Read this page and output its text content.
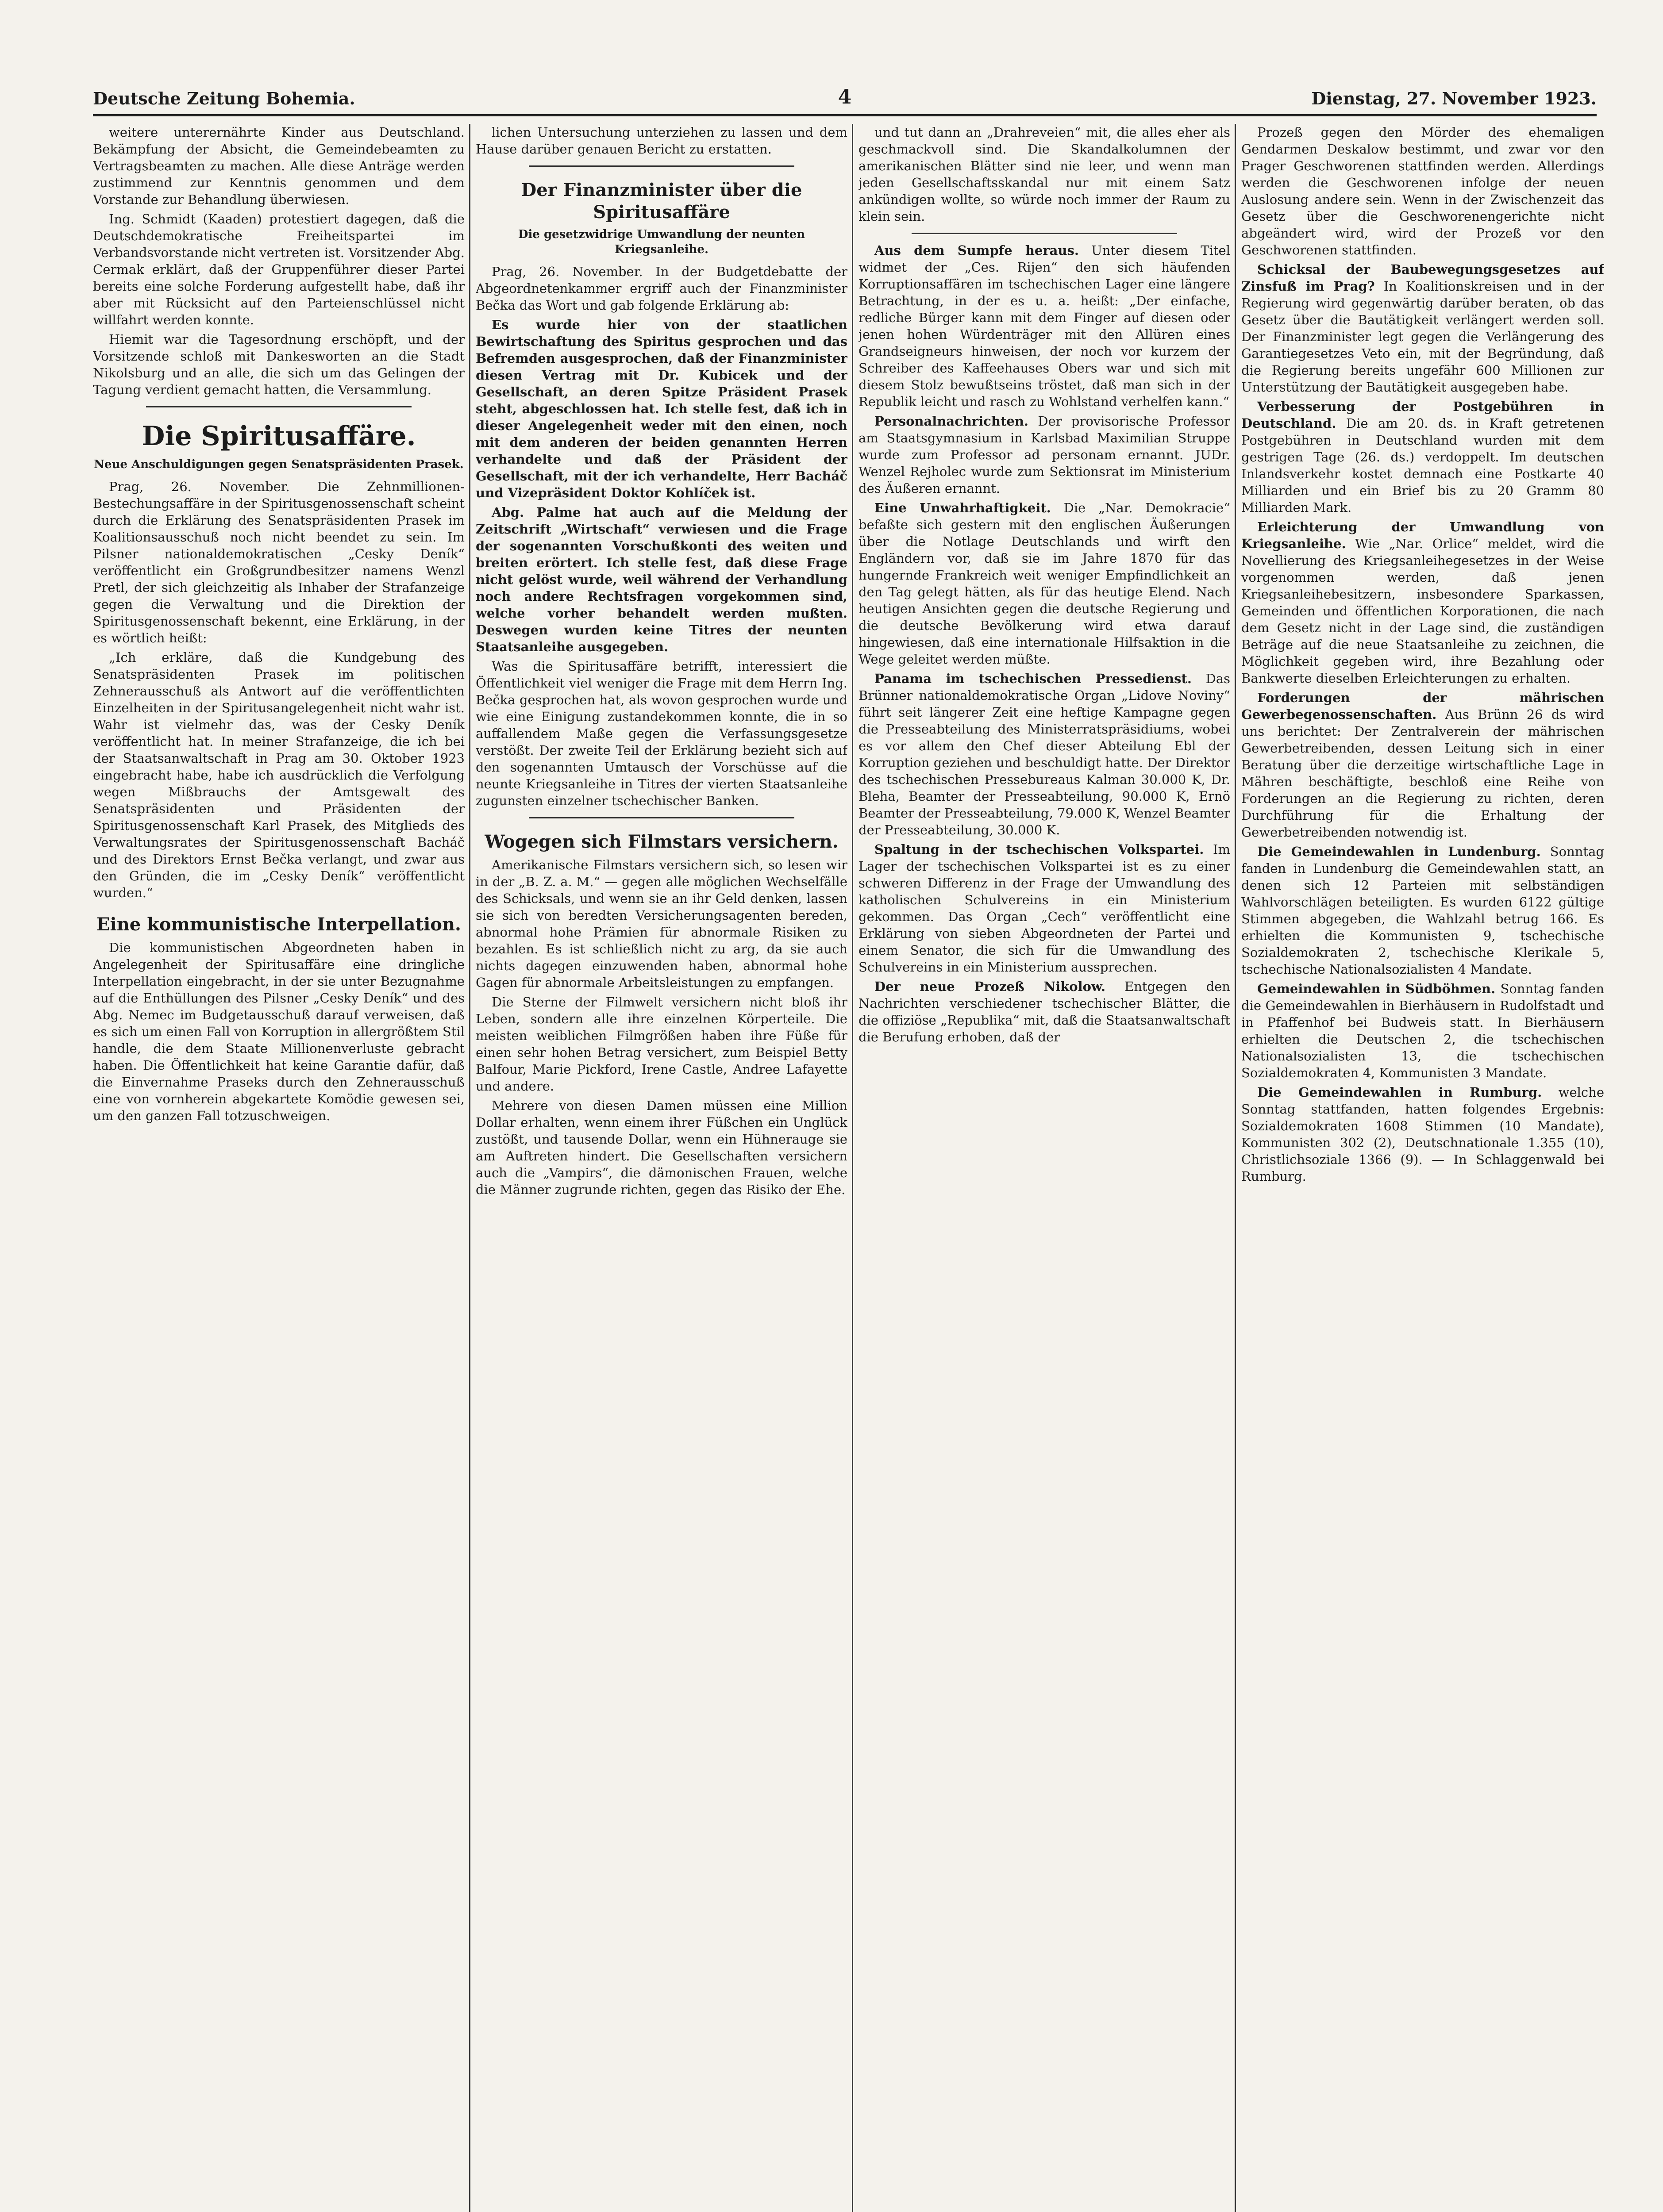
Deutsche Zeitung Bohemia.	4	Dienstag, 27. November 1923.

weitere unterernährte Kinder aus Deutschland. Bekämpfung der Absicht, die Gemeindebeamten zu Vertragsbeamten zu machen. Alle diese Anträge werden zustimmend zur Kenntnis genommen und dem Vorstande zur Behandlung überwiesen.

Ing. Schmidt (Kaaden) protestiert dagegen, daß die Deutschdemokratische Freiheitspartei im Verbandsvorstande nicht vertreten ist. Vorsitzender Abg. Cermak erklärt, daß der Gruppenführer dieser Partei bereits eine solche Forderung aufgestellt habe, daß ihr aber mit Rücksicht auf den Parteienschlüssel nicht willfahrt werden konnte.

Hiemit war die Tagesordnung erschöpft, und der Vorsitzende schloß mit Dankesworten an die Stadt Nikolsburg und an alle, die sich um das Gelingen der Tagung verdient gemacht hatten, die Versammlung.

Die Spiritusaffäre.

Neue Anschuldigungen gegen Senatspräsidenten Prasek.

Prag, 26. November. Die Zehnmillionen-Bestechungsaffäre in der Spiritusgenossenschaft scheint durch die Erklärung des Senatspräsidenten Prasek im Koalitionsausschuß noch nicht beendet zu sein. Im Pilsner nationaldemokratischen „Cesky Deník“ veröffentlicht ein Großgrundbesitzer namens Wenzl Pretl, der sich gleichzeitig als Inhaber der Strafanzeige gegen die Verwaltung und die Direktion der Spiritusgenossenschaft bekennt, eine Erklärung, in der es wörtlich heißt:

„Ich erkläre, daß die Kundgebung des Senatspräsidenten Prasek im politischen Zehnerausschuß als Antwort auf die veröffentlichten Einzelheiten in der Spiritusangelegenheit nicht wahr ist. Wahr ist vielmehr das, was der Cesky Deník veröffentlicht hat. In meiner Strafanzeige, die ich bei der Staatsanwaltschaft in Prag am 30. Oktober 1923 eingebracht habe, habe ich ausdrücklich die Verfolgung wegen Mißbrauchs der Amtsgewalt des Senatspräsidenten und Präsidenten der Spiritusgenossenschaft Karl Prasek, des Mitglieds des Verwaltungsrates der Spiritusgenossenschaft Bacháč und des Direktors Ernst Bečka verlangt, und zwar aus den Gründen, die im „Cesky Deník“ veröffentlicht wurden.“

Eine kommunistische Interpellation.

Die kommunistischen Abgeordneten haben in Angelegenheit der Spiritusaffäre eine dringliche Interpellation eingebracht, in der sie unter Bezugnahme auf die Enthüllungen des Pilsner „Cesky Deník“ und des Abg. Nemec im Budgetausschuß darauf verweisen, daß es sich um einen Fall von Korruption in allergrößtem Stil handle, die dem Staate Millionenverluste gebracht haben. Die Öffentlichkeit hat keine Garantie dafür, daß die Einvernahme Praseks durch den Zehnerausschuß eine von vornherein abgekartete Komödie gewesen sei, um den ganzen Fall totzuschweigen.

lichen Untersuchung unterziehen zu lassen und dem Hause darüber genauen Bericht zu erstatten.

Der Finanzminister über die Spiritusaffäre

Die gesetzwidrige Umwandlung der neunten Kriegsanleihe.

Prag, 26. November. In der Budgetdebatte der Abgeordnetenkammer ergriff auch der Finanzminister Bečka das Wort und gab folgende Erklärung ab:

Es wurde hier von der staatlichen Bewirtschaftung des Spiritus gesprochen und das Befremden ausgesprochen, daß der Finanzminister diesen Vertrag mit Dr. Kubicek und der Gesellschaft, an deren Spitze Präsident Prasek steht, abgeschlossen hat. Ich stelle fest, daß ich in dieser Angelegenheit weder mit den einen, noch mit dem anderen der beiden genannten Herren verhandelte und daß der Präsident der Gesellschaft, mit der ich verhandelte, Herr Bacháč und Vizepräsident Doktor Kohlíček ist.

Abg. Palme hat auch auf die Meldung der Zeitschrift „Wirtschaft“ verwiesen und die Frage der sogenannten Vorschußkonti des weiten und breiten erörtert. Ich stelle fest, daß diese Frage nicht gelöst wurde, weil während der Verhandlung noch andere Rechtsfragen vorgekommen sind, welche vorher behandelt werden mußten. Deswegen wurden keine Titres der neunten Staatsanleihe ausgegeben.

Was die Spiritusaffäre betrifft, interessiert die Öffentlichkeit viel weniger die Frage mit dem Herrn Ing. Bečka gesprochen hat, als wovon gesprochen wurde und wie eine Einigung zustandekommen konnte, die in so auffallendem Maße gegen die Verfassungsgesetze verstößt. Der zweite Teil der Erklärung bezieht sich auf den sogenannten Umtausch der Vorschüsse auf die neunte Kriegsanleihe in Titres der vierten Staatsanleihe zugunsten einzelner tschechischer Banken.

Wogegen sich Filmstars versichern.

Amerikanische Filmstars versichern sich, so lesen wir in der „B. Z. a. M.“ — gegen alle möglichen Wechselfälle des Schicksals, und wenn sie an ihr Geld denken, lassen sie sich von beredten Versicherungsagenten bereden, abnormal hohe Prämien für abnormale Risiken zu bezahlen. Es ist schließlich nicht zu arg, da sie auch nichts dagegen einzuwenden haben, abnormal hohe Gagen für abnormale Arbeitsleistungen zu empfangen.

Die Sterne der Filmwelt versichern nicht bloß ihr Leben, sondern alle ihre einzelnen Körperteile. Die meisten weiblichen Filmgrößen haben ihre Füße für einen sehr hohen Betrag versichert, zum Beispiel Betty Balfour, Marie Pickford, Irene Castle, Andree Lafayette und andere.

Mehrere von diesen Damen müssen eine Million Dollar erhalten, wenn einem ihrer Füßchen ein Unglück zustößt, und tausende Dollar, wenn ein Hühnerauge sie am Auftreten hindert. Die Gesellschaften versichern auch die „Vampirs“, die dämonischen Frauen, welche die Männer zugrunde richten, gegen das Risiko der Ehe.

und tut dann an „Drahreveien“ mit, die alles eher als geschmackvoll sind. Die Skandalkolumnen der amerikanischen Blätter sind nie leer, und wenn man jeden Gesellschaftsskandal nur mit einem Satz ankündigen wollte, so würde noch immer der Raum zu klein sein.

Aus dem Sumpfe heraus. Unter diesem Titel widmet der „Ces. Rijen“ den sich häufenden Korruptionsaffären im tschechischen Lager eine längere Betrachtung, in der es u. a. heißt: „Der einfache, redliche Bürger kann mit dem Finger auf diesen oder jenen hohen Würdenträger mit den Allüren eines Grandseigneurs hinweisen, der noch vor kurzem der Schreiber des Kaffeehauses Obers war und sich mit diesem Stolz bewußtseins tröstet, daß man sich in der Republik leicht und rasch zu Wohlstand verhelfen kann.“

Personalnachrichten. Der provisorische Professor am Staatsgymnasium in Karlsbad Maximilian Struppe wurde zum Professor ad personam ernannt. JUDr. Wenzel Rejholec wurde zum Sektionsrat im Ministerium des Äußeren ernannt.

Eine Unwahrhaftigkeit. Die „Nar. Demokracie“ befaßte sich gestern mit den englischen Äußerungen über die Notlage Deutschlands und wirft den Engländern vor, daß sie im Jahre 1870 für das hungernde Frankreich weit weniger Empfindlichkeit an den Tag gelegt hätten, als für das heutige Elend. Nach heutigen Ansichten gegen die deutsche Regierung und die deutsche Bevölkerung wird etwa darauf hingewiesen, daß eine internationale Hilfsaktion in die Wege geleitet werden müßte.

Panama im tschechischen Pressedienst. Das Brünner nationaldemokratische Organ „Lidove Noviny“ führt seit längerer Zeit eine heftige Kampagne gegen die Presseabteilung des Ministerratspräsidiums, wobei es vor allem den Chef dieser Abteilung Ebl der Korruption geziehen und beschuldigt hatte. Der Direktor des tschechischen Pressebureaus Kalman 30.000 K, Dr. Bleha, Beamter der Presseabteilung, 90.000 K, Ernö Beamter der Presseabteilung, 79.000 K, Wenzel Beamter der Presseabteilung, 30.000 K.

Spaltung in der tschechischen Volkspartei. Im Lager der tschechischen Volkspartei ist es zu einer schweren Differenz in der Frage der Umwandlung des katholischen Schulvereins in ein Ministerium gekommen. Das Organ „Cech“ veröffentlicht eine Erklärung von sieben Abgeordneten der Partei und einem Senator, die sich für die Umwandlung des Schulvereins in ein Ministerium aussprechen.

Der neue Prozeß Nikolow. Entgegen den Nachrichten verschiedener tschechischer Blätter, die die offiziöse „Republika“ mit, daß die Staatsanwaltschaft die Berufung erhoben, daß der

Prozeß gegen den Mörder des ehemaligen Gendarmen Deskalow bestimmt, und zwar vor den Prager Geschworenen stattfinden werden. Allerdings werden die Geschworenen infolge der neuen Auslosung andere sein. Wenn in der Zwischenzeit das Gesetz über die Geschworenengerichte nicht abgeändert wird, wird der Prozeß vor den Geschworenen stattfinden.

Schicksal der Baubewegungsgesetzes auf Zinsfuß im Prag? In Koalitionskreisen und in der Regierung wird gegenwärtig darüber beraten, ob das Gesetz über die Bautätigkeit verlängert werden soll. Der Finanzminister legt gegen die Verlängerung des Garantiegesetzes Veto ein, mit der Begründung, daß die Regierung bereits ungefähr 600 Millionen zur Unterstützung der Bautätigkeit ausgegeben habe.

Verbesserung der Postgebühren in Deutschland. Die am 20. ds. in Kraft getretenen Postgebühren in Deutschland wurden mit dem gestrigen Tage (26. ds.) verdoppelt. Im deutschen Inlandsverkehr kostet demnach eine Postkarte 40 Milliarden und ein Brief bis zu 20 Gramm 80 Milliarden Mark.

Erleichterung der Umwandlung von Kriegsanleihe. Wie „Nar. Orlice“ meldet, wird die Novellierung des Kriegsanleihegesetzes in der Weise vorgenommen werden, daß jenen Kriegsanleihebesitzern, insbesondere Sparkassen, Gemeinden und öffentlichen Korporationen, die nach dem Gesetz nicht in der Lage sind, die zuständigen Beträge auf die neue Staatsanleihe zu zeichnen, die Möglichkeit gegeben wird, ihre Bezahlung oder Bankwerte dieselben Erleichterungen zu erhalten.

Forderungen der mährischen Gewerbegenossenschaften. Aus Brünn 26 ds wird uns berichtet: Der Zentralverein der mährischen Gewerbetreibenden, dessen Leitung sich in einer Beratung über die derzeitige wirtschaftliche Lage in Mähren beschäftigte, beschloß eine Reihe von Forderungen an die Regierung zu richten, deren Durchführung für die Erhaltung der Gewerbetreibenden notwendig ist.

Die Gemeindewahlen in Lundenburg. Sonntag fanden in Lundenburg die Gemeindewahlen statt, an denen sich 12 Parteien mit selbständigen Wahlvorschlägen beteiligten. Es wurden 6122 gültige Stimmen abgegeben, die Wahlzahl betrug 166. Es erhielten die Kommunisten 9, tschechische Sozialdemokraten 2, tschechische Klerikale 5, tschechische Nationalsozialisten 4 Mandate.

Gemeindewahlen in Südböhmen. Sonntag fanden die Gemeindewahlen in Bierhäusern in Rudolfstadt und in Pfaffenhof bei Budweis statt. In Bierhäusern erhielten die Deutschen 2, die tschechischen Nationalsozialisten 13, die tschechischen Sozialdemokraten 4, Kommunisten 3 Mandate.

Die Gemeindewahlen in Rumburg. welche Sonntag stattfanden, hatten folgendes Ergebnis: Sozialdemokraten 1608 Stimmen (10 Mandate), Kommunisten 302 (2), Deutschnationale 1.355 (10), Christlichsoziale 1366 (9). — In Schlaggenwald bei Rumburg.
